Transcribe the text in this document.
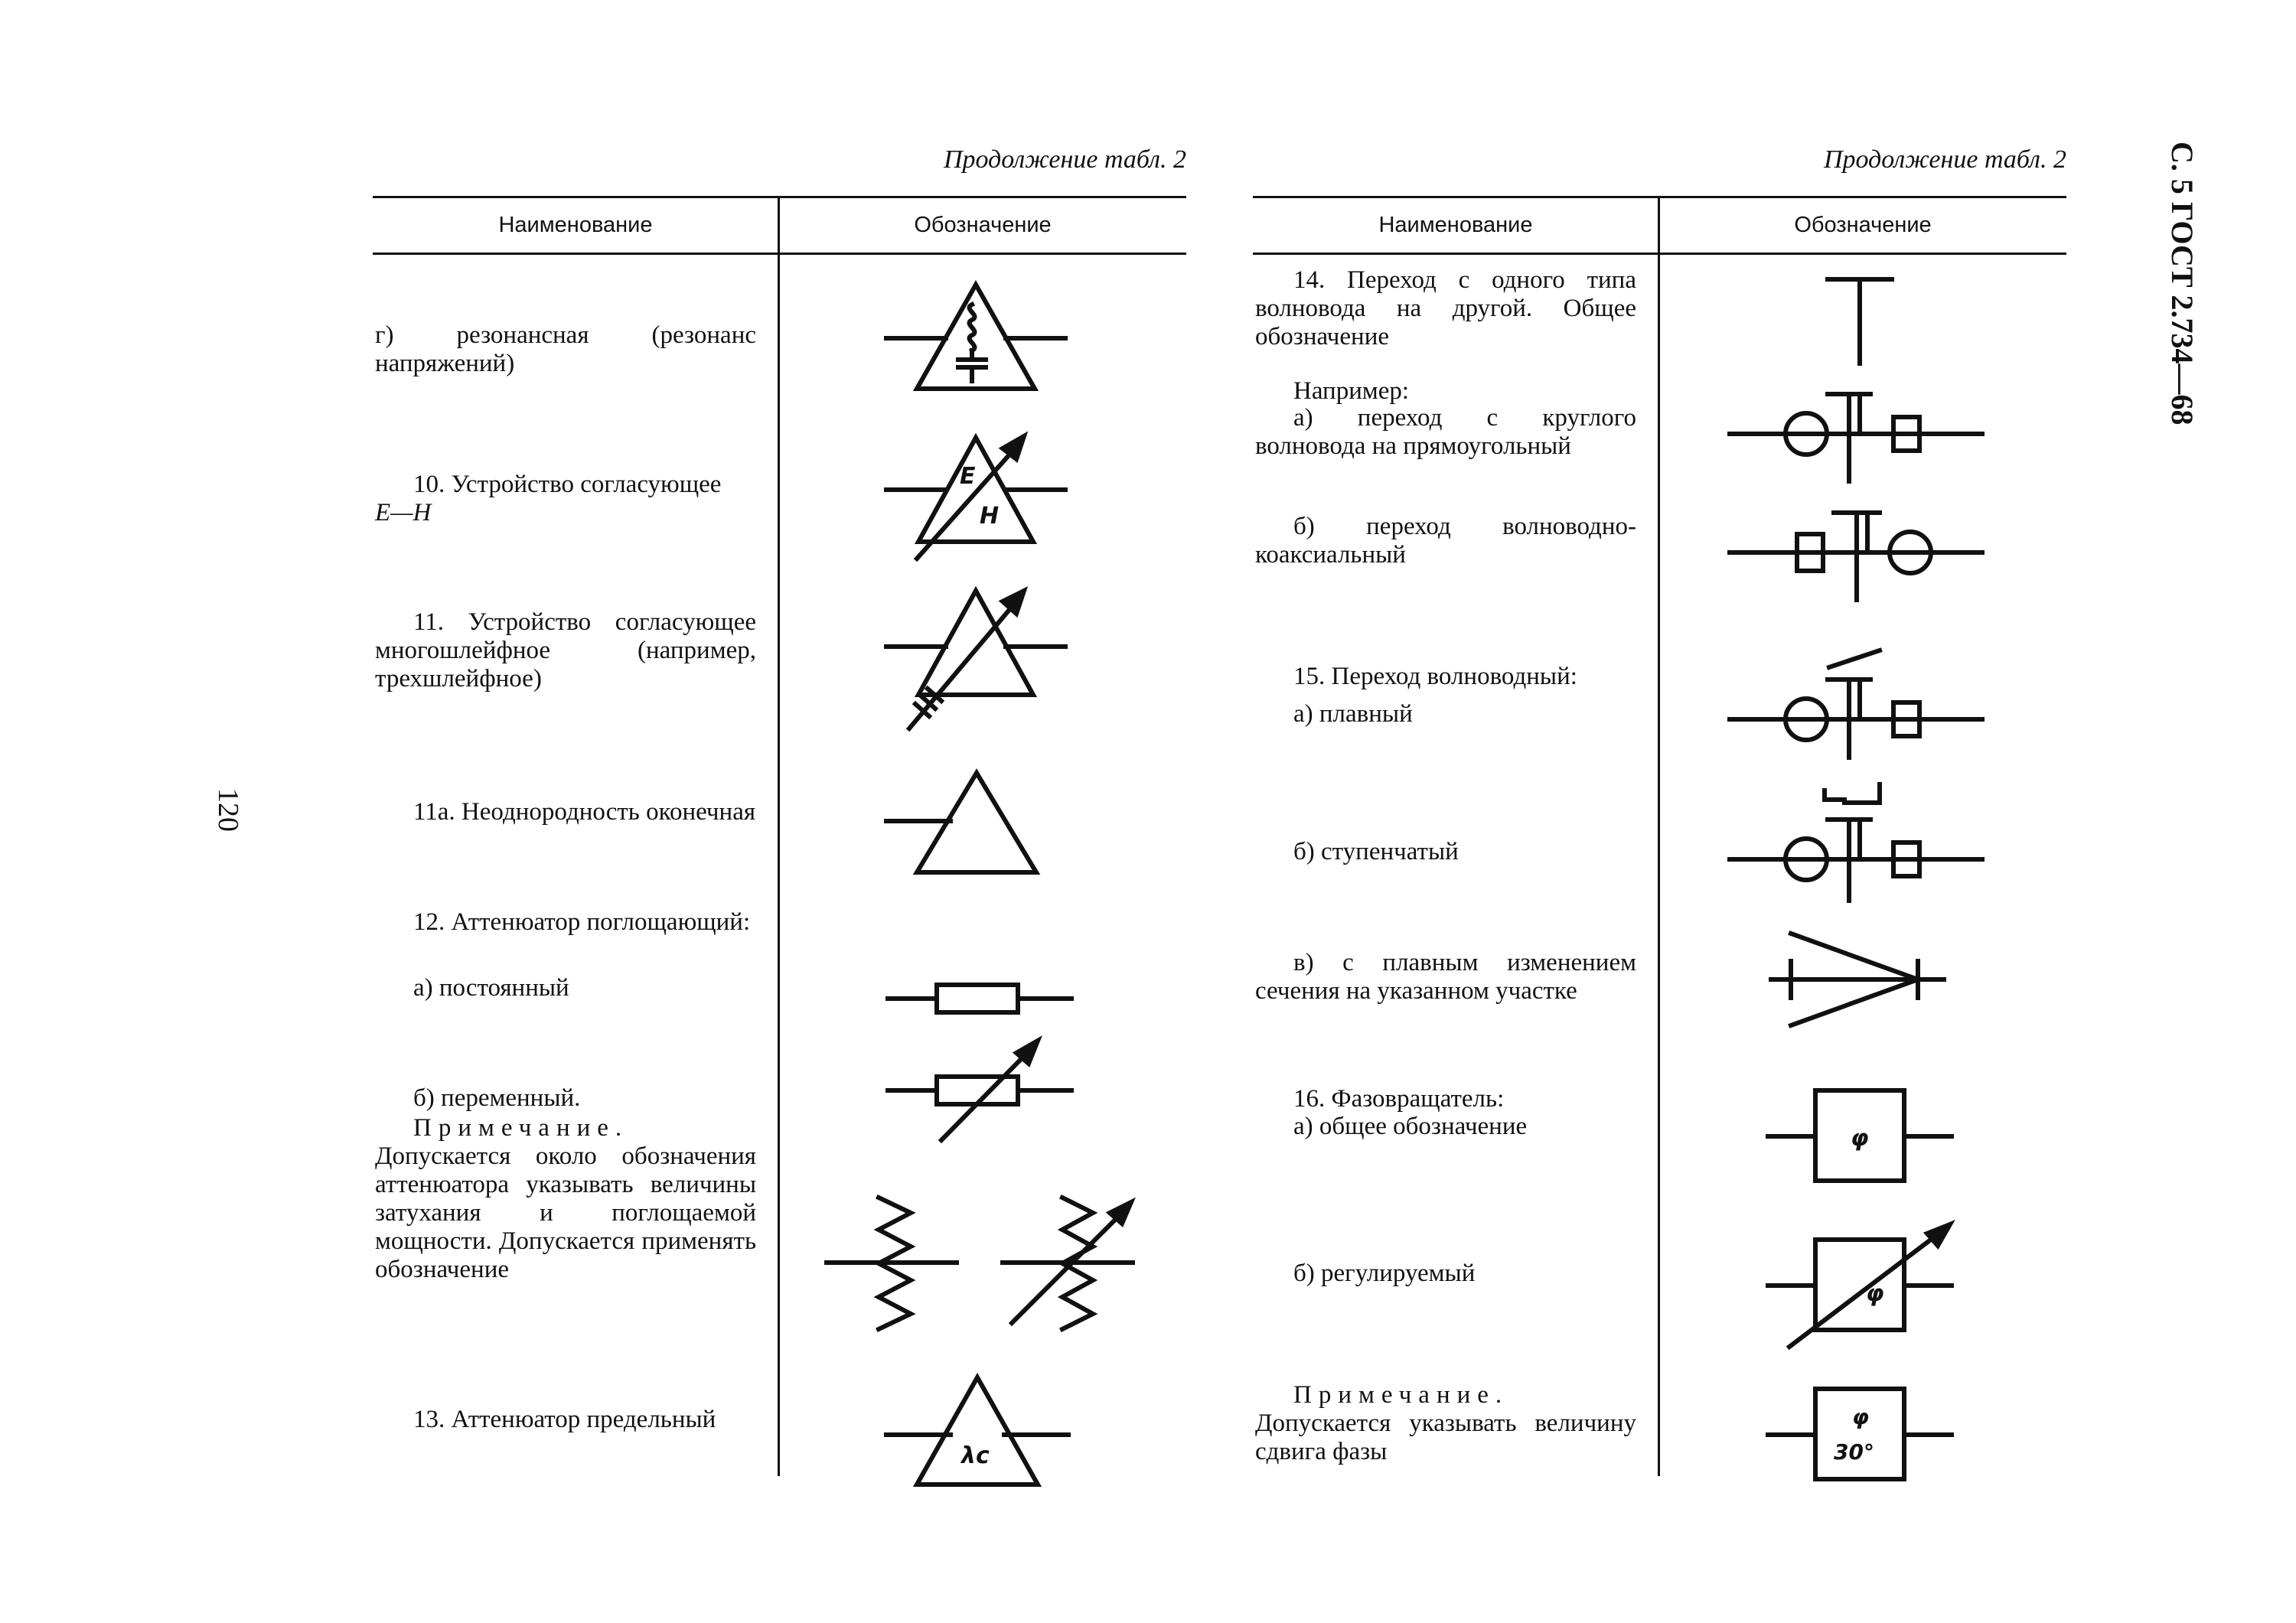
С. 5 ГОСТ 2.734—68
120
Продолжение табл. 2
Наименование	Обозначение
г) резонансная (резонанс напряжений)
10. Устройство согласующее
E—H
11. Устройство согласующее многошлейфное (например, трехшлейфное)
11а. Неоднородность оконечная
12. Аттенюатор поглощающий:
а) постоянный
б) переменный.
Примечание. Допускается около обозначения аттенюатора указывать величины затухания и поглощаемой мощности. Допускается применять обозначение
13. Аттенюатор предельный
Продолжение табл. 2
Наименование	Обозначение
14. Переход с одного типа волновода на другой. Общее обозначение
Например:
а) переход с круглого волновода на прямоугольный
б) переход волноводно-коаксиальный
15. Переход волноводный:
а) плавный
б) ступенчатый
в) с плавным изменением сечения на указанном участке
16. Фазовращатель:
а) общее обозначение
б) регулируемый
Примечание. Допускается указывать величину сдвига фазы
E
H
λc
φ
φ
φ
30°
